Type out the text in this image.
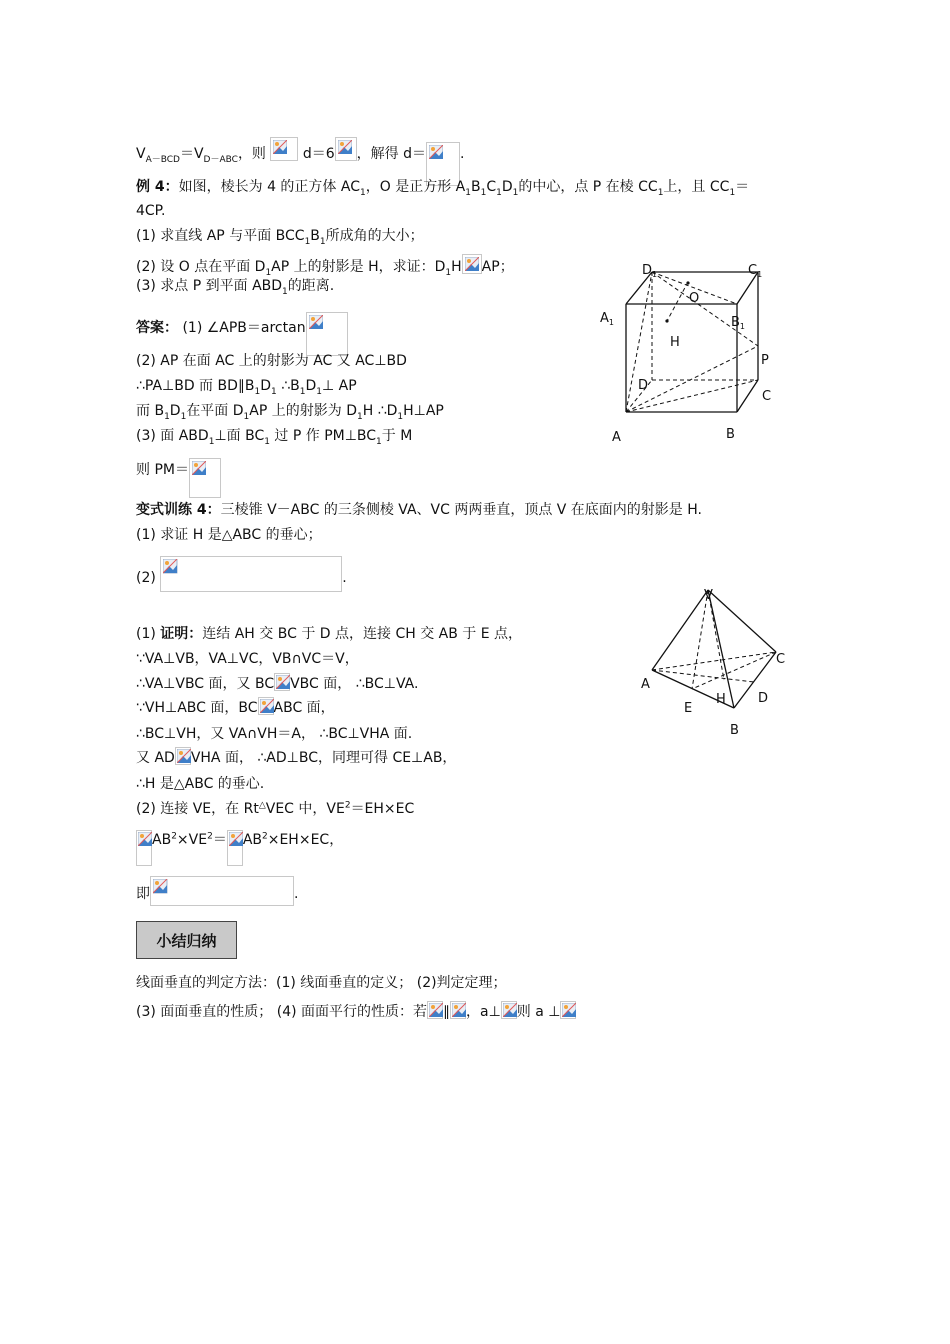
$V_{A-BCD}=V_{D-ABC}$，则	d＝6 ，解得 d＝ .
例 4：如图，棱长为 4 的正方体 $AC_1$，O 是正方形 $A_1B_1C_1D_1$的中心，点 P 在棱 $CC_1$上，且 $CC_1=$
4CP.
(1) 求直线 AP 与平面 $BCC_1B_1$所成角的大小；
(2) 设 O 点在平面 $D_1AP$ 上的射影是 H，求证：$D_1H$ AP；
(3) 求点 P 到平面 $ABD_1$的距离.
答案： (1) ∠APB＝arctan
(2) AP 在面 AC 上的射影为 AC 又 AC⊥BD
∴PA⊥BD 而 $BD\parallel B_1D_1$ $\therefore B_1D_1\perp$ AP
而 $B_1D_1$在平面 $D_1AP$ 上的射影为 $D_1H$ $\therefore D_1H\perp AP$
(3) 面 $ABD_1\perp$面 $BC_1$ 过 P 作 $PM\perp BC_1$于 M
则 PM＝
$D_1$	$C_1$
$A_1$	$B_1$
O
H
P
D
C
A	B
变式训练 4：三棱锥 V－ABC 的三条侧棱 VA、VC 两两垂直，顶点 V 在底面内的射影是 H.
(1) 求证 H 是△ABC 的垂心；
(2)	.
(1) 证明：连结 AH 交 BC 于 D 点，连接 CH 交 AB 于 E 点，
∵VA⊥VB，VA⊥VC，VB∩VC＝V，
∴VA⊥VBC 面，又 BC VBC 面， ∴BC⊥VA.
∵VH⊥ABC 面，BC ABC 面，
∴BC⊥VH，又 VA∩VH＝A， ∴BC⊥VHA 面.
又 AD VHA 面， ∴AD⊥BC，同理可得 CE⊥AB，
∴H 是△ABC 的垂心.
(2) 连接 VE，在 Rt△VEC 中，$VE^2=EH\times EC$
$AB^2\times VE^2= AB^2\times EH\times EC$，
即	.
V
C
A
H D
E
B
小结归纳
线面垂直的判定方法：(1) 线面垂直的定义； (2)判定定理；
(3) 面面垂直的性质； (4) 面面平行的性质：若 ∥ ，a⊥ 则 a ⊥
